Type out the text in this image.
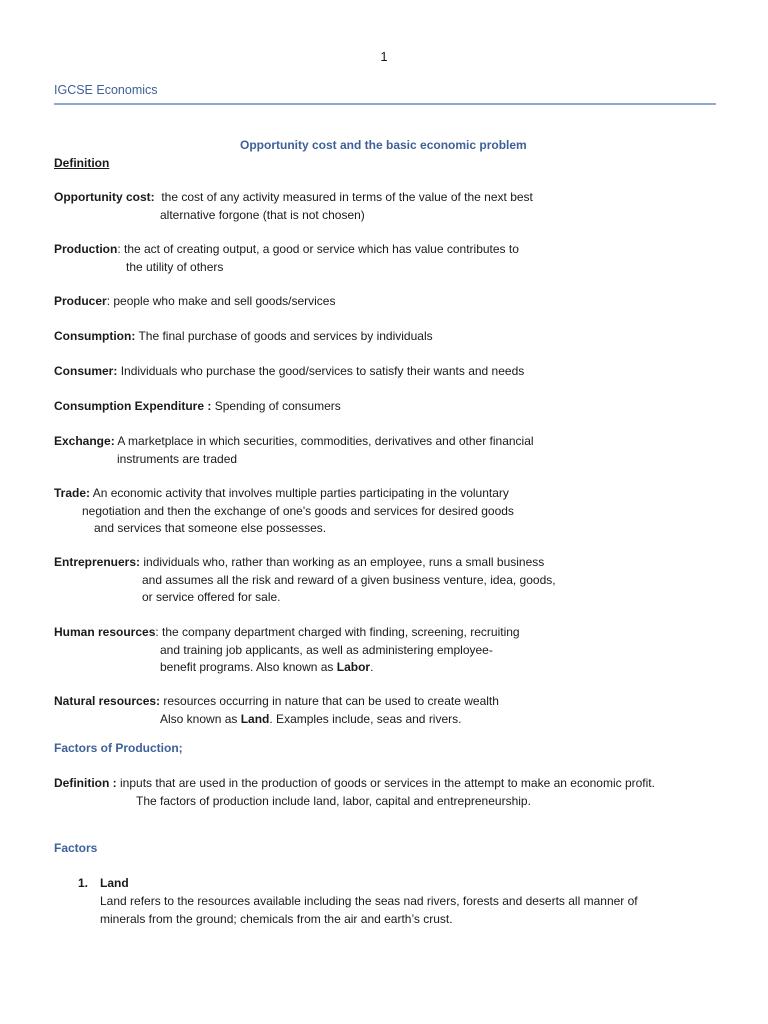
1
IGCSE Economics
Opportunity cost and the basic economic problem
Definition
Opportunity cost: the cost of any activity measured in terms of the value of the next best
alternative forgone (that is not chosen)
Production: the act of creating output, a good or service which has value contributes to
the utility of others
Producer: people who make and sell goods/services
Consumption: The final purchase of goods and services by individuals
Consumer: Individuals who purchase the good/services to satisfy their wants and needs
Consumption Expenditure : Spending of consumers
Exchange: A marketplace in which securities, commodities, derivatives and other financial
instruments are traded
Trade: An economic activity that involves multiple parties participating in the voluntary
negotiation and then the exchange of one's goods and services for desired goods
and services that someone else possesses.
Entreprenuers: individuals who, rather than working as an employee, runs a small business
and assumes all the risk and reward of a given business venture, idea, goods,
or service offered for sale.
Human resources: the company department charged with finding, screening, recruiting
and training job applicants, as well as administering employee-
benefit programs. Also known as Labor.
Natural resources: resources occurring in nature that can be used to create wealth
Also known as Land. Examples include, seas and rivers.
Factors of Production;
Definition : inputs that are used in the production of goods or services in the attempt to make an economic profit.
The factors of production include land, labor, capital and entrepreneurship.
Factors
1. Land
Land refers to the resources available including the seas nad rivers, forests and deserts all manner of
minerals from the ground; chemicals from the air and earth’s crust.
